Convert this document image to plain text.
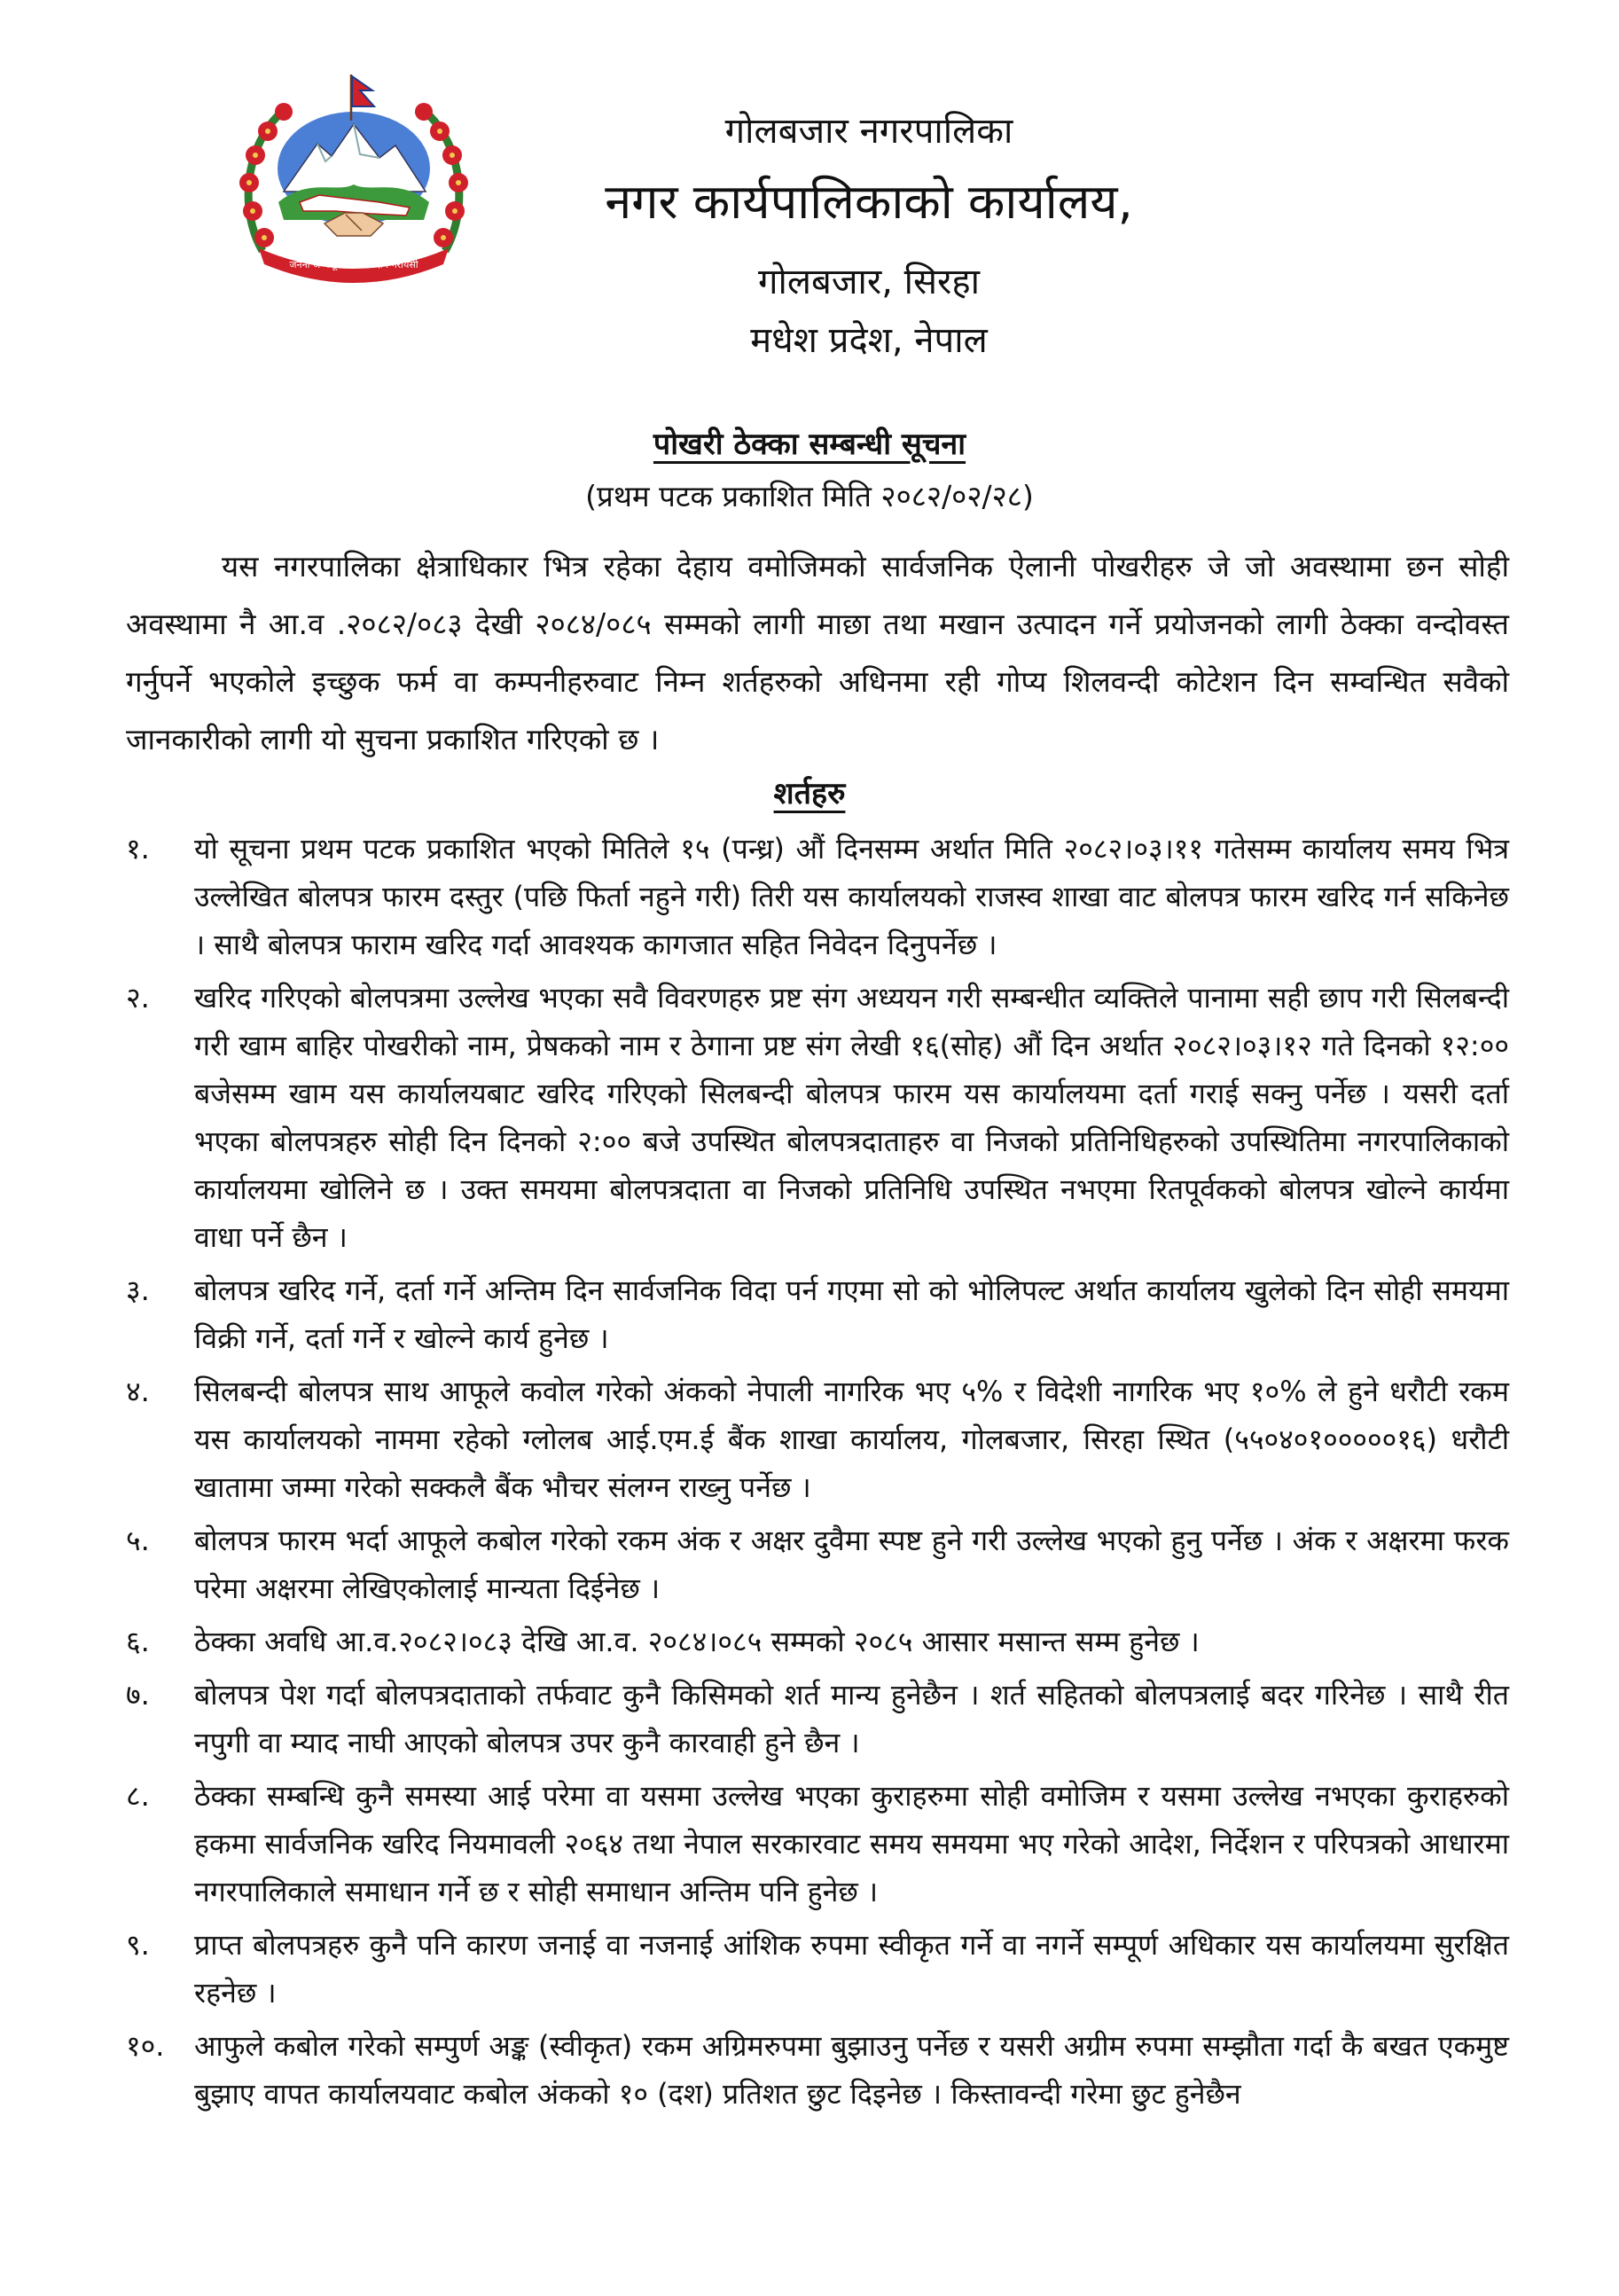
जननी जन्मभूमिश्च स्वर्गादपि गरीयसी
गोलबजार नगरपालिका
नगर कार्यपालिकाको कार्यालय,
गोलबजार, सिरहा
मधेश प्रदेश, नेपाल
पोखरी ठेक्का सम्बन्धी सूचना
(प्रथम पटक प्रकाशित मिति २०८२/०२/२८)

यस नगरपालिका क्षेत्राधिकार भित्र रहेका देहाय वमोजिमको सार्वजनिक ऐलानी पोखरीहरु जे जो अवस्थामा छन सोही अवस्थामा नै आ.व .२०८२/०८३ देखी २०८४/०८५ सम्मको लागी माछा तथा मखान उत्पादन गर्ने प्रयोजनको लागी ठेक्का वन्दोवस्त गर्नुपर्ने भएकोले इच्छुक फर्म वा कम्पनीहरुवाट निम्न शर्तहरुको अधिनमा रही गोप्य शिलवन्दी कोटेशन दिन सम्वन्धित सवैको जानकारीको लागी यो सुचना प्रकाशित गरिएको छ ।

शर्तहरु
१.	यो सूचना प्रथम पटक प्रकाशित भएको मितिले १५ (पन्ध्र) औं दिनसम्म अर्थात मिति २०८२।०३।११ गतेसम्म कार्यालय समय भित्र उल्लेखित बोलपत्र फारम दस्तुर (पछि फिर्ता नहुने गरी) तिरी यस कार्यालयको राजस्व शाखा वाट बोलपत्र फारम खरिद गर्न सकिनेछ । साथै बोलपत्र फाराम खरिद गर्दा आवश्यक कागजात सहित निवेदन दिनुपर्नेछ ।
२.	खरिद गरिएको बोलपत्रमा उल्लेख भएका सवै विवरणहरु प्रष्ट संग अध्ययन गरी सम्बन्धीत व्यक्तिले पानामा सही छाप गरी सिलबन्दी गरी खाम बाहिर पोखरीको नाम, प्रेषकको नाम र ठेगाना प्रष्ट संग लेखी १६(सोह) औं दिन अर्थात २०८२।०३।१२ गते दिनको १२:०० बजेसम्म खाम यस कार्यालयबाट खरिद गरिएको सिलबन्दी बोलपत्र फारम यस कार्यालयमा दर्ता गराई सक्नु पर्नेछ । यसरी दर्ता भएका बोलपत्रहरु सोही दिन दिनको २:०० बजे उपस्थित बोलपत्रदाताहरु वा निजको प्रतिनिधिहरुको उपस्थितिमा नगरपालिकाको कार्यालयमा खोलिने छ । उक्त समयमा बोलपत्रदाता वा निजको प्रतिनिधि उपस्थित नभएमा रितपूर्वकको बोलपत्र खोल्ने कार्यमा वाधा पर्ने छैन ।
३.	बोलपत्र खरिद गर्ने, दर्ता गर्ने अन्तिम दिन सार्वजनिक विदा पर्न गएमा सो को भोलिपल्ट अर्थात कार्यालय खुलेको दिन सोही समयमा विक्री गर्ने, दर्ता गर्ने र खोल्ने कार्य हुनेछ ।
४.	सिलबन्दी बोलपत्र साथ आफूले कवोल गरेको अंकको नेपाली नागरिक भए ५% र विदेशी नागरिक भए १०% ले हुने धरौटी रकम यस कार्यालयको नाममा रहेको ग्लोलब आई.एम.ई बैंक शाखा कार्यालय, गोलबजार, सिरहा स्थित (५५०४०१०००००१६) धरौटी खातामा जम्मा गरेको सक्कलै बैंक भौचर संलग्न राख्नु पर्नेछ ।
५.	बोलपत्र फारम भर्दा आफूले कबोल गरेको रकम अंक र अक्षर दुवैमा स्पष्ट हुने गरी उल्लेख भएको हुनु पर्नेछ । अंक र अक्षरमा फरक परेमा अक्षरमा लेखिएकोलाई मान्यता दिईनेछ ।
६.	ठेक्का अवधि आ.व.२०८२।०८३ देखि आ.व. २०८४।०८५ सम्मको २०८५ आसार मसान्त सम्म हुनेछ ।
७.	बोलपत्र पेश गर्दा बोलपत्रदाताको तर्फवाट कुनै किसिमको शर्त मान्य हुनेछैन । शर्त सहितको बोलपत्रलाई बदर गरिनेछ । साथै रीत नपुगी वा म्याद नाघी आएको बोलपत्र उपर कुनै कारवाही हुने छैन ।
८.	ठेक्का सम्बन्धि कुनै समस्या आई परेमा वा यसमा उल्लेख भएका कुराहरुमा सोही वमोजिम र यसमा उल्लेख नभएका कुराहरुको हकमा सार्वजनिक खरिद नियमावली २०६४ तथा नेपाल सरकारवाट समय समयमा भए गरेको आदेश, निर्देशन र परिपत्रको आधारमा नगरपालिकाले समाधान गर्ने छ र सोही समाधान अन्तिम पनि हुनेछ ।
९.	प्राप्त बोलपत्रहरु कुनै पनि कारण जनाई वा नजनाई आंशिक रुपमा स्वीकृत गर्ने वा नगर्ने सम्पूर्ण अधिकार यस कार्यालयमा सुरक्षित रहनेछ ।
१०.	आफुले कबोल गरेको सम्पुर्ण अङ्क (स्वीकृत) रकम अग्रिमरुपमा बुझाउनु पर्नेछ र यसरी अग्रीम रुपमा सम्झौता गर्दा कै बखत एकमुष्ट बुझाए वापत कार्यालयवाट कबोल अंकको १० (दश) प्रतिशत छुट दिइनेछ । किस्तावन्दी गरेमा छुट हुनेछैन
